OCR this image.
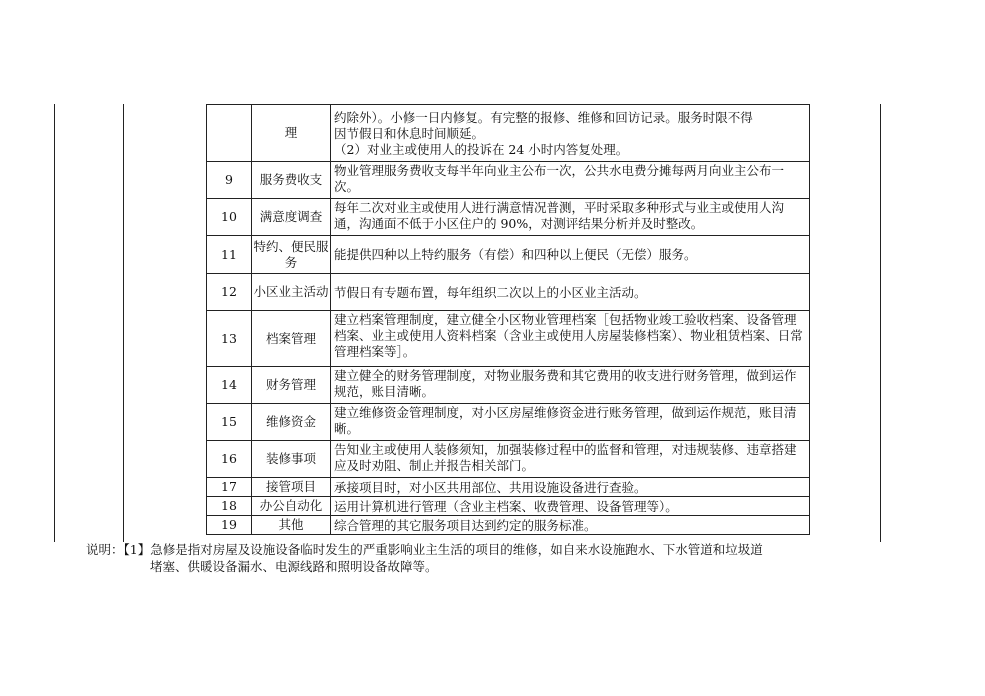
	理	约除外）。小修一日内修复。有完整的报修、维修和回访记录。服务时限不得
因节假日和休息时间顺延。
（2）对业主或使用人的投诉在 24 小时内答复处理。

9	服务费收支	物业管理服务费收支每半年向业主公布一次，公共水电费分摊每两月向业主公布一次。
10	满意度调查	每年二次对业主或使用人进行满意情况普测，平时采取多种形式与业主或使用人沟通，沟通面不低于小区住户的 90%，对测评结果分析并及时整改。
11	特约、便民服务	能提供四种以上特约服务（有偿）和四种以上便民（无偿）服务。
12	小区业主活动	节假日有专题布置，每年组织二次以上的小区业主活动。
13	档案管理	建立档案管理制度，建立健全小区物业管理档案［包括物业竣工验收档案、设备管理档案、业主或使用人资料档案（含业主或使用人房屋装修档案）、物业租赁档案、日常管理档案等］。
14	财务管理	建立健全的财务管理制度，对物业服务费和其它费用的收支进行财务管理，做到运作规范，账目清晰。
15	维修资金	建立维修资金管理制度，对小区房屋维修资金进行账务管理，做到运作规范，账目清晰。
16	装修事项	告知业主或使用人装修须知，加强装修过程中的监督和管理，对违规装修、违章搭建应及时劝阻、制止并报告相关部门。
17	接管项目	承接项目时，对小区共用部位、共用设施设备进行查验。
18	办公自动化	运用计算机进行管理（含业主档案、收费管理、设备管理等）。
19	其他	综合管理的其它服务项目达到约定的服务标准。
说明：【1】急修是指对房屋及设施设备临时发生的严重影响业主生活的项目的维修，如自来水设施跑水、下水管道和垃圾道
堵塞、供暖设备漏水、电源线路和照明设备故障等。
